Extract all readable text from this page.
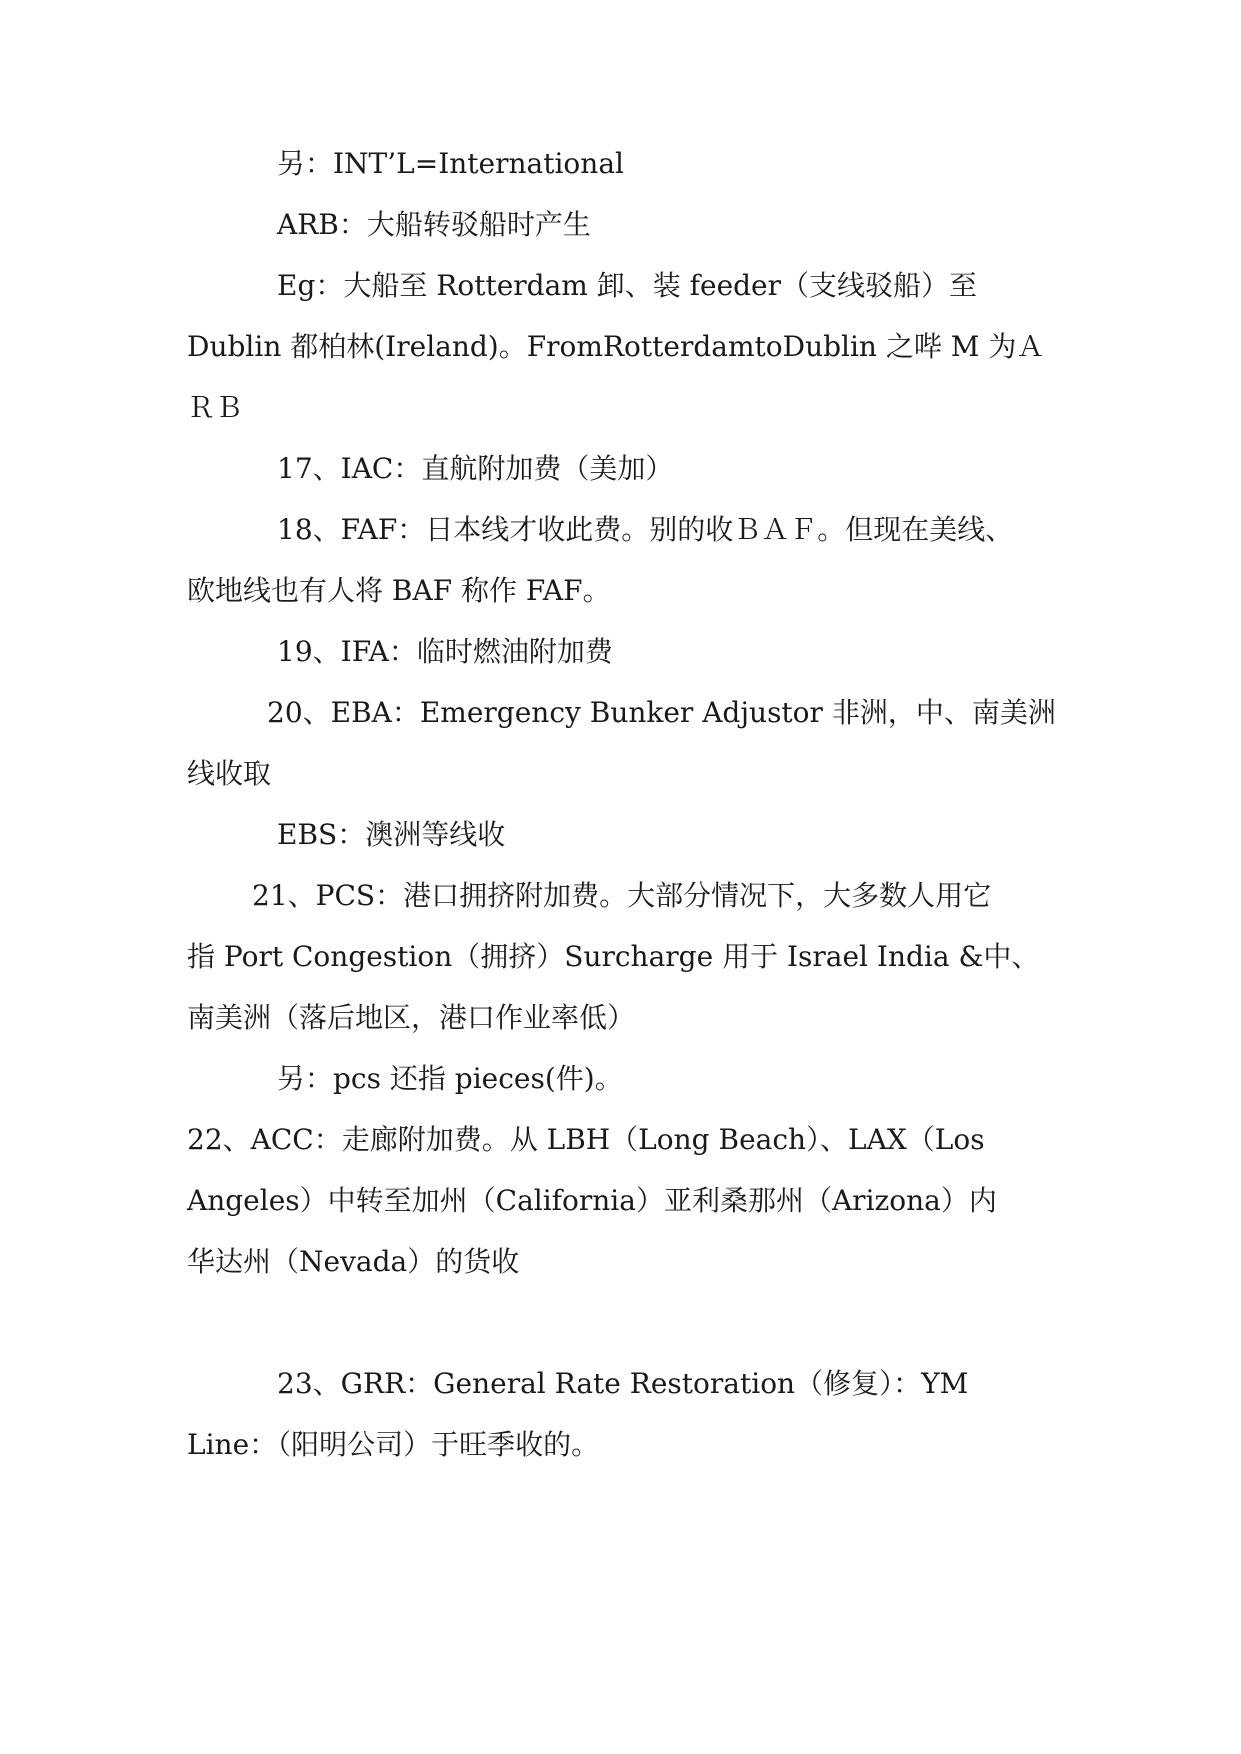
另：INT’L=International
ARB：大船转驳船时产生
Eg：大船至 Rotterdam 卸、装 feeder（支线驳船）至
Dublin 都柏林(Ireland)。FromRotterdamtoDublin 之哔 M 为Ａ
ＲＢ
17、IAC：直航附加费（美加）
18、FAF：日本线才收此费。别的收ＢＡＦ。但现在美线、
欧地线也有人将 BAF 称作 FAF。
19、IFA：临时燃油附加费
20、EBA：Emergency Bunker Adjustor 非洲，中、南美洲
线收取
EBS：澳洲等线收
21、PCS：港口拥挤附加费。大部分情况下，大多数人用它
指 Port Congestion（拥挤）Surcharge 用于 Israel India &中、
南美洲（落后地区，港口作业率低）
另：pcs 还指 pieces(件)。
22、ACC：走廊附加费。从 LBH（Long Beach）、LAX（Los
Angeles）中转至加州（California）亚利桑那州（Arizona）内
华达州（Nevada）的货收
23、GRR：General Rate Restoration（修复）：YM
Line：（阳明公司）于旺季收的。
